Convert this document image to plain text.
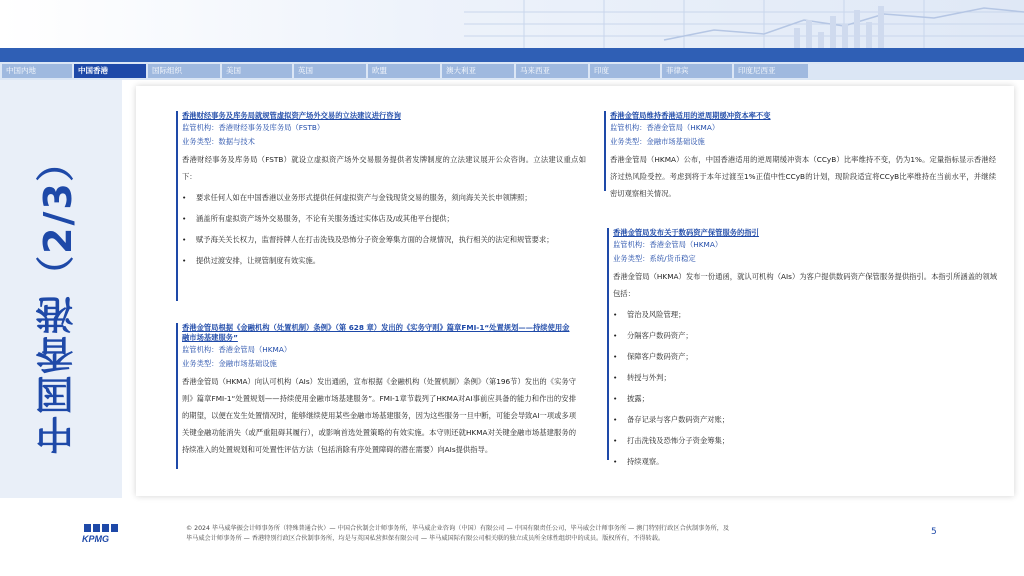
中国内地	中国香港	国际组织	美国	英国	欧盟	澳大利亚	马来西亚	印度	菲律宾	印度尼西亚
中国香港（2/3）
香港财经事务及库务局就规管虚拟资产场外交易的立法建议进行咨询
监管机构：香港财经事务及库务局（FSTB）
业务类型：数据与技术
香港财经事务及库务局（FSTB）就设立虚拟资产场外交易服务提供者发牌制度的立法建议展开公众咨询。立法建议重点如下：
• 要求任何人如在中国香港以业务形式提供任何虚拟资产与金钱现货交易的服务，须向海关关长申领牌照；
• 涵盖所有虚拟资产场外交易服务，不论有关服务透过实体店及/或其他平台提供；
• 赋予海关关长权力，监督持牌人在打击洗钱及恐怖分子资金筹集方面的合规情况，执行相关的法定和规管要求；
• 提供过渡安排，让规管制度有效实施。
香港金管局根据《金融机构（处置机制）条例》（第 628 章）发出的《实务守则》篇章FMI-1“处置规划——持续使用金融市场基建服务”
监管机构：香港金管局（HKMA）
业务类型：金融市场基础设施
香港金管局（HKMA）向认可机构（AIs）发出通函，宣布根据《金融机构（处置机制）条例》（第196节）发出的《实务守则》篇章FMI-1“处置规划——持续使用金融市场基建服务”。FMI-1章节载列了HKMA对AI事前应具备的能力和作出的安排的期望，以便在发生处置情况时，能够继续使用某些金融市场基建服务，因为这些服务一旦中断，可能会导致AI一项或多项关键金融功能消失（或严重阻碍其履行），或影响首选处置策略的有效实施。本守则还就HKMA对关键金融市场基建服务的持续准入的处置规划和可处置性评估方法（包括消除有序处置障碍的潜在需要）向AIs提供指导。
香港金管局维持香港适用的逆周期缓冲资本率不变
监管机构：香港金管局（HKMA）
业务类型：金融市场基础设施
香港金管局（HKMA）公布，中国香港适用的逆周期缓冲资本（CCyB）比率维持不变，仍为1%。定量指标显示香港经济过热风险受控。考虑到将于本年过渡至1%正值中性CCyB的计划，现阶段适宜将CCyB比率维持在当前水平，并继续密切观察相关情况。
香港金管局发布关于数码资产保管服务的指引
监管机构：香港金管局（HKMA）
业务类型：系统/货币稳定
香港金管局（HKMA）发布一份通函，就认可机构（AIs）为客户提供数码资产保管服务提供指引。本指引所涵盖的领域包括：
• 管治及风险管理；
• 分隔客户数码资产；
• 保障客户数码资产；
• 转授与外判；
• 披露；
• 备存记录与客户数码资产对账；
• 打击洗钱及恐怖分子资金筹集；
• 持续观察。
KPMG
© 2024 毕马威华振会计师事务所（特殊普通合伙）— 中国合伙制会计师事务所，毕马威企业咨询（中国）有限公司 — 中国有限责任公司，毕马威会计师事务所 — 澳门特别行政区合伙制事务所，及
毕马威会计师事务所 — 香港特别行政区合伙制事务所，均是与英国私营担保有限公司 — 毕马威国际有限公司相关联的独立成员所全球性组织中的成员。版权所有，不得转载。
5
